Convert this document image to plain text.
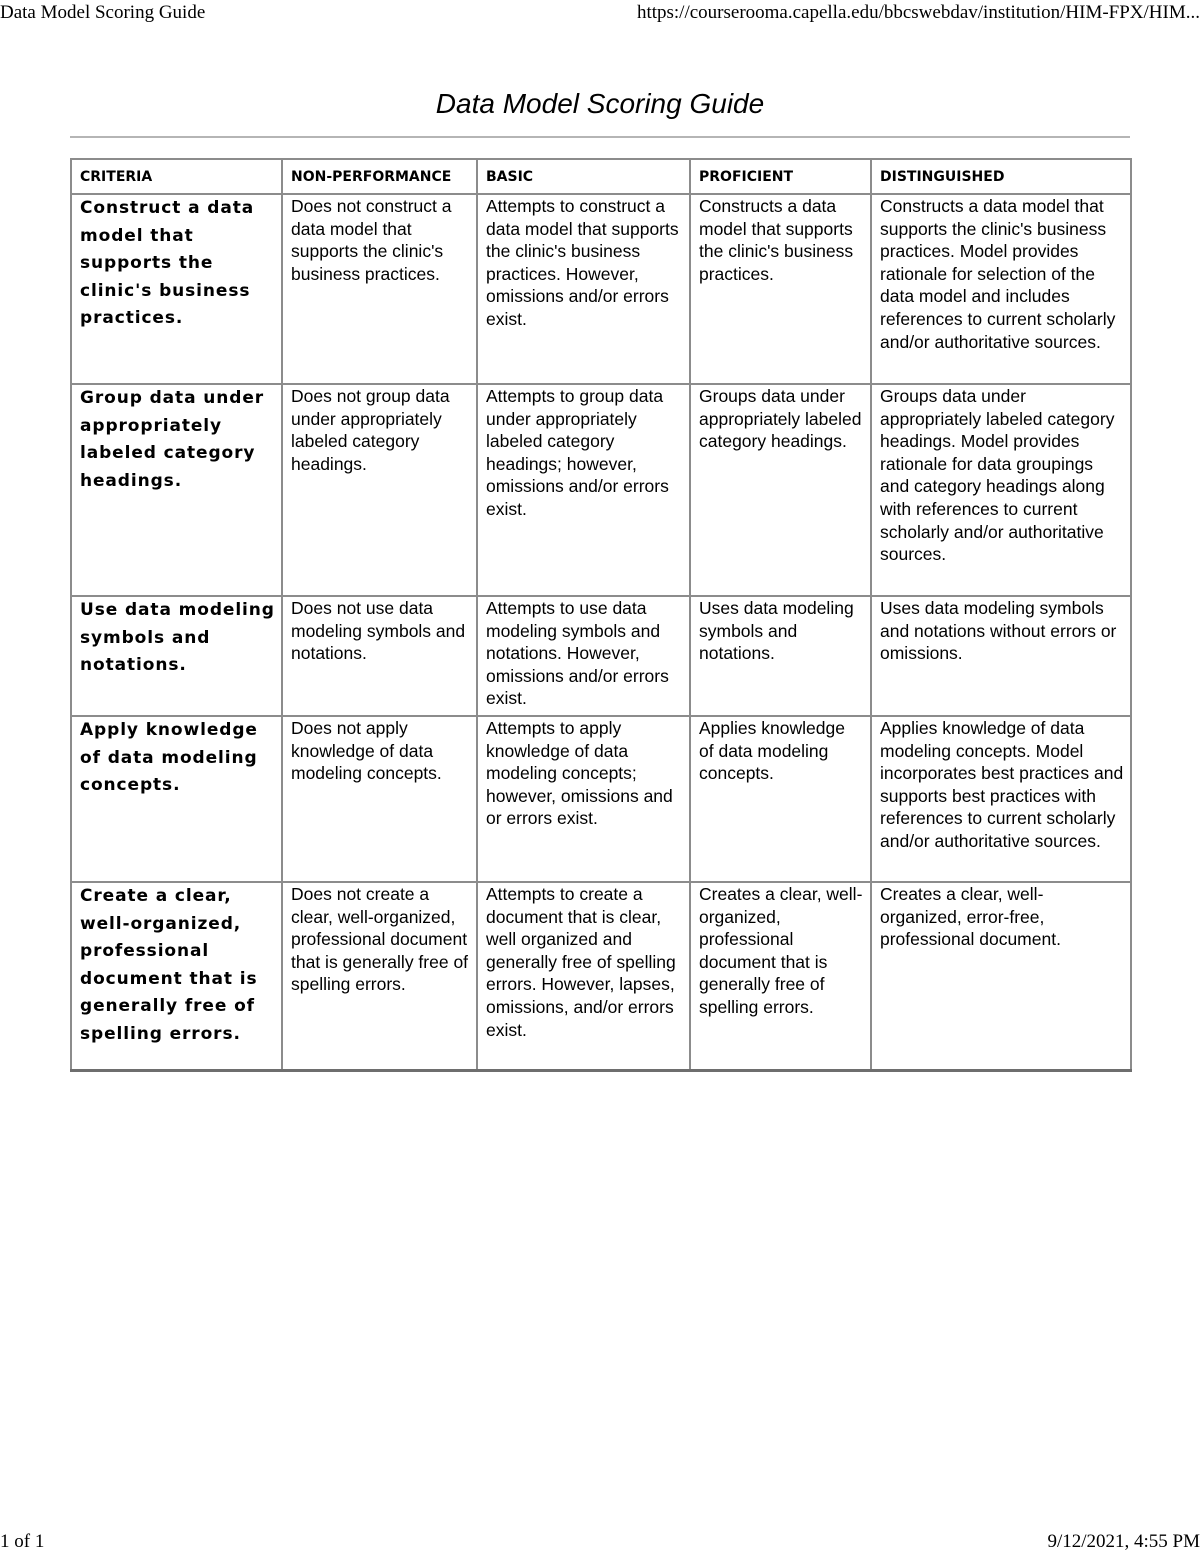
Data Model Scoring Guide	https://courserooma.capella.edu/bbcswebdav/institution/HIM-FPX/HIM...
Data Model Scoring Guide
CRITERIA	NON-PERFORMANCE	BASIC	PROFICIENT	DISTINGUISHED
Construct a data model that supports the clinic's business practices.	Does not construct a data model that supports the clinic's business practices.	Attempts to construct a data model that supports the clinic's business practices. However, omissions and/or errors exist.	Constructs a data model that supports the clinic's business practices.	Constructs a data model that supports the clinic's business practices. Model provides rationale for selection of the data model and includes references to current scholarly and/or authoritative sources.
Group data under appropriately labeled category headings.	Does not group data under appropriately labeled category headings.	Attempts to group data under appropriately labeled category headings; however, omissions and/or errors exist.	Groups data under appropriately labeled category headings.	Groups data under appropriately labeled category headings. Model provides rationale for data groupings and category headings along with references to current scholarly and/or authoritative sources.
Use data modeling symbols and notations.	Does not use data modeling symbols and notations.	Attempts to use data modeling symbols and notations. However, omissions and/or errors exist.	Uses data modeling symbols and notations.	Uses data modeling symbols and notations without errors or omissions.
Apply knowledge of data modeling concepts.	Does not apply knowledge of data modeling concepts.	Attempts to apply knowledge of data modeling concepts; however, omissions and or errors exist.	Applies knowledge of data modeling concepts.	Applies knowledge of data modeling concepts. Model incorporates best practices and supports best practices with references to current scholarly and/or authoritative sources.
Create a clear, well-organized, professional document that is generally free of spelling errors.	Does not create a clear, well-organized, professional document that is generally free of spelling errors.	Attempts to create a document that is clear, well organized and generally free of spelling errors. However, lapses, omissions, and/or errors exist.	Creates a clear, well-organized, professional document that is generally free of spelling errors.	Creates a clear, well-organized, error-free, professional document.
1 of 1	9/12/2021, 4:55 PM
